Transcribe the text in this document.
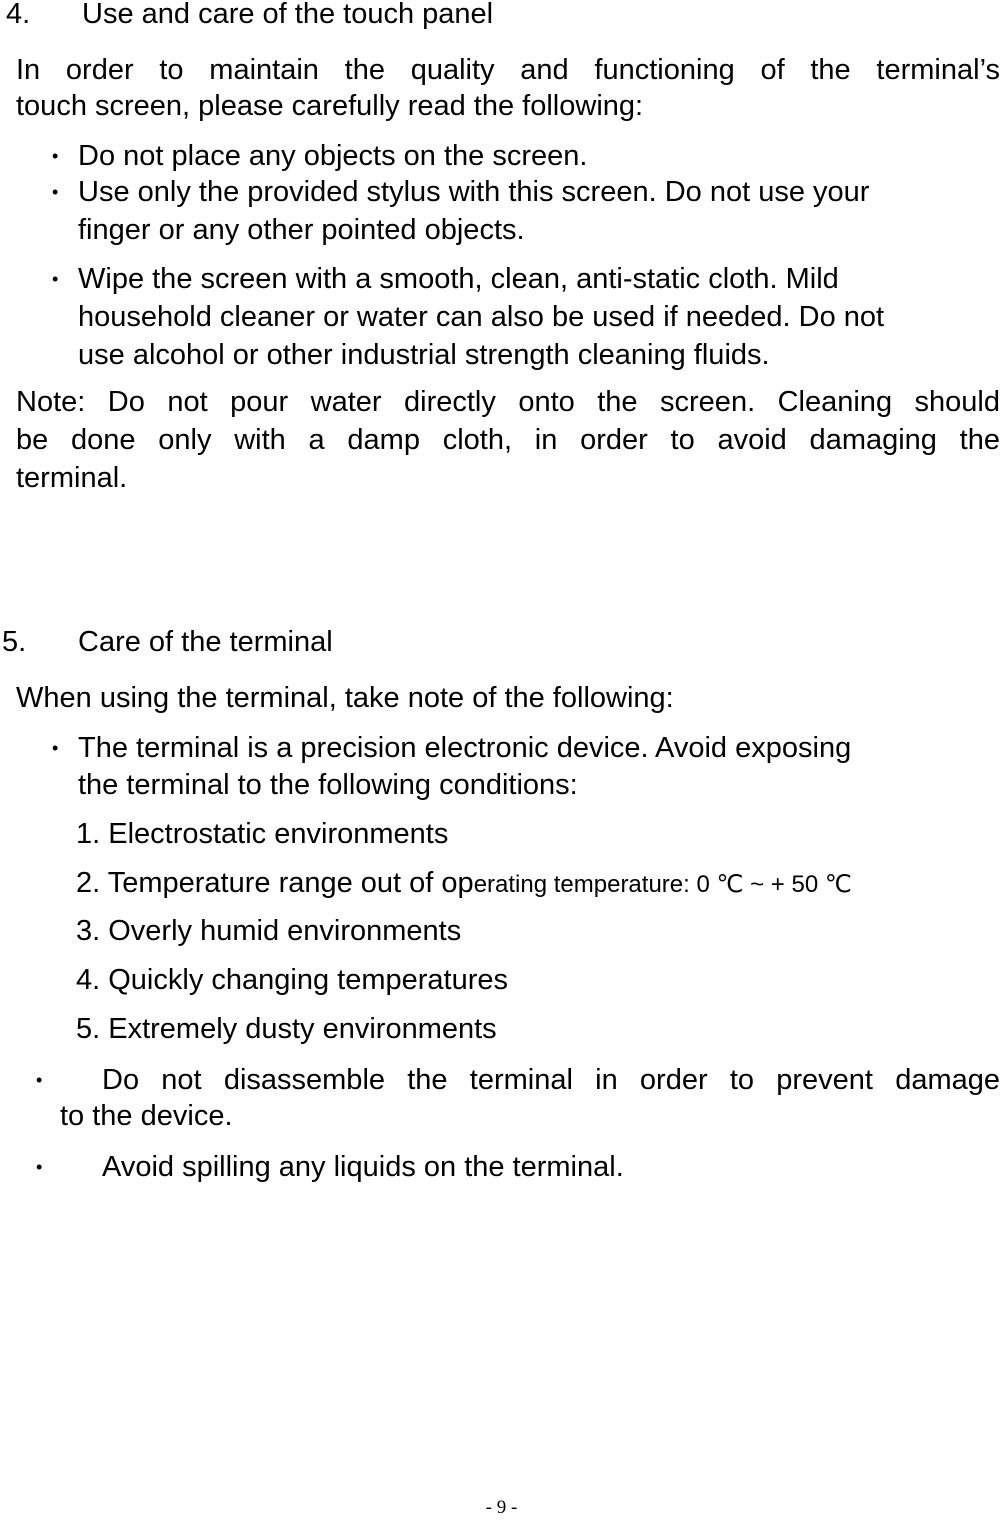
4. Use and care of the touch panel
In order to maintain the quality and functioning of the terminal’s
touch screen, please carefully read the following:
• Do not place any objects on the screen.
• Use only the provided stylus with this screen. Do not use your
finger or any other pointed objects.
• Wipe the screen with a smooth, clean, anti-static cloth. Mild
household cleaner or water can also be used if needed. Do not
use alcohol or other industrial strength cleaning fluids.
Note: Do not pour water directly onto the screen. Cleaning should
be done only with a damp cloth, in order to avoid damaging the
terminal.
5. Care of the terminal
When using the terminal, take note of the following:
• The terminal is a precision electronic device. Avoid exposing
the terminal to the following conditions:
1. Electrostatic environments
2. Temperature range out of operating temperature: 0 ℃ ~ + 50 ℃
3. Overly humid environments
4. Quickly changing temperatures
5. Extremely dusty environments
• Do not disassemble the terminal in order to prevent damage
to the device.
• Avoid spilling any liquids on the terminal.
- 9 -
